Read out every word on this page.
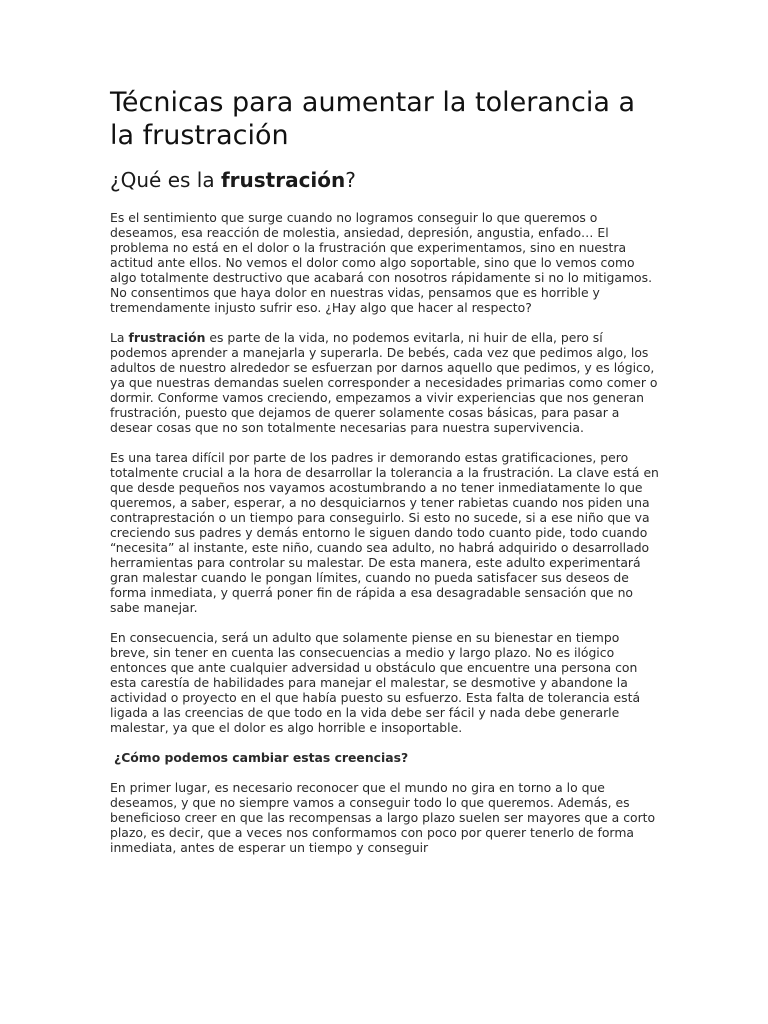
Técnicas para aumentar la tolerancia a la frustración
¿Qué es la frustración?

Es el sentimiento que surge cuando no logramos conseguir lo que queremos o deseamos, esa reacción de molestia, ansiedad, depresión, angustia, enfado… El problema no está en el dolor o la frustración que experimentamos, sino en nuestra actitud ante ellos. No vemos el dolor como algo soportable, sino que lo vemos como algo totalmente destructivo que acabará con nosotros rápidamente si no lo mitigamos. No consentimos que haya dolor en nuestras vidas, pensamos que es horrible y tremendamente injusto sufrir eso. ¿Hay algo que hacer al respecto?

La frustración es parte de la vida, no podemos evitarla, ni huir de ella, pero sí podemos aprender a manejarla y superarla. De bebés, cada vez que pedimos algo, los adultos de nuestro alrededor se esfuerzan por darnos aquello que pedimos, y es lógico, ya que nuestras demandas suelen corresponder a necesidades primarias como comer o dormir. Conforme vamos creciendo, empezamos a vivir experiencias que nos generan frustración, puesto que dejamos de querer solamente cosas básicas, para pasar a desear cosas que no son totalmente necesarias para nuestra supervivencia.

Es una tarea difícil por parte de los padres ir demorando estas gratificaciones, pero totalmente crucial a la hora de desarrollar la tolerancia a la frustración. La clave está en que desde pequeños nos vayamos acostumbrando a no tener inmediatamente lo que queremos, a saber, esperar, a no desquiciarnos y tener rabietas cuando nos piden una contraprestación o un tiempo para conseguirlo. Si esto no sucede, si a ese niño que va creciendo sus padres y demás entorno le siguen dando todo cuanto pide, todo cuando “necesita” al instante, este niño, cuando sea adulto, no habrá adquirido o desarrollado herramientas para controlar su malestar. De esta manera, este adulto experimentará gran malestar cuando le pongan límites, cuando no pueda satisfacer sus deseos de forma inmediata, y querrá poner fin de rápida a esa desagradable sensación que no sabe manejar.

En consecuencia, será un adulto que solamente piense en su bienestar en tiempo breve, sin tener en cuenta las consecuencias a medio y largo plazo. No es ilógico entonces que ante cualquier adversidad u obstáculo que encuentre una persona con esta carestía de habilidades para manejar el malestar, se desmotive y abandone la actividad o proyecto en el que había puesto su esfuerzo. Esta falta de tolerancia está ligada a las creencias de que todo en la vida debe ser fácil y nada debe generarle malestar, ya que el dolor es algo horrible e insoportable.

¿Cómo podemos cambiar estas creencias?

En primer lugar, es necesario reconocer que el mundo no gira en torno a lo que deseamos, y que no siempre vamos a conseguir todo lo que queremos. Además, es beneficioso creer en que las recompensas a largo plazo suelen ser mayores que a corto plazo, es decir, que a veces nos conformamos con poco por querer tenerlo de forma inmediata, antes de esperar un tiempo y conseguir
